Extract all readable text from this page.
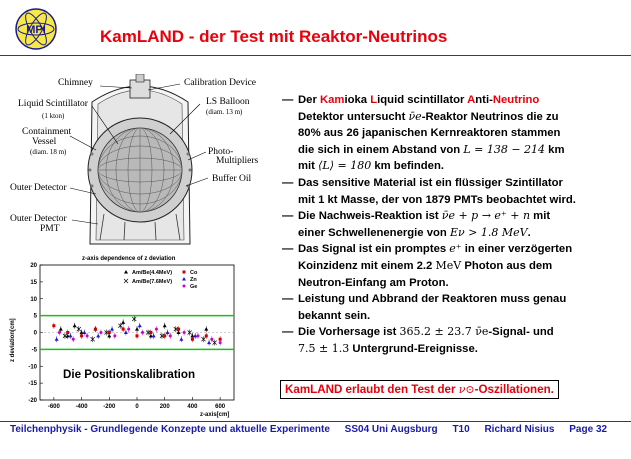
MPI	KamLAND - der Test mit Reaktor-Neutrinos
Chimney	Calibration Device
Liquid Scintillator
(1 kton)
LS Balloon
(diam. 13 m)
Containment
Vessel
(diam. 18 m)	Photo-
Multipliers
Buffer Oil
Outer Detector
Outer Detector
PMT
z-axis dependence of z deviation
z deviation[cm]
z-axis[cm]
20
15
10
5
0
-5
-10
-15
-20
-600	-400	-200	0	200	400	600
Am/Be(4.4MeV)
Am/Be(7.6MeV)
Co
Zn
Ge
Die Positionskalibration
— Der Kamioka Liquid scintillator Anti-Neutrino
Detektor untersucht ν̄e-Reaktor Neutrinos die zu
80% aus 26 japanischen Kernreaktoren stammen
die sich in einem Abstand von L = 138 − 214 km
mit ⟨L⟩ = 180 km befinden.
— Das sensitive Material ist ein flüssiger Szintillator
mit 1 kt Masse, der von 1879 PMTs beobachtet wird.
— Die Nachweis-Reaktion ist ν̄e + p → e⁺ + n mit
einer Schwellenenergie von Eν > 1.8 MeV.
— Das Signal ist ein promptes e⁺ in einer verzögerten
Koinzidenz mit einem 2.2 MeV Photon aus dem
Neutron-Einfang am Proton.
— Leistung und Abbrand der Reaktoren muss genau
bekannt sein.
— Die Vorhersage ist 365.2 ± 23.7 ν̄e-Signal- und
7.5 ± 1.3 Untergrund-Ereignisse.
KamLAND erlaubt den Test der ν⊙-Oszillationen.
Teilchenphysik - Grundlegende Konzepte und aktuelle Experimente SS04 Uni Augsburg T10 Richard Nisius Page 32
